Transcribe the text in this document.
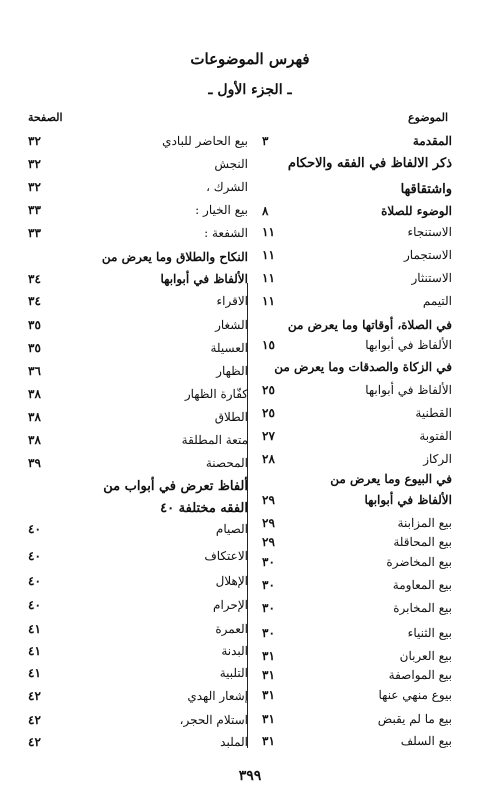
فهرس الموضوعات
ـ الجزء الأول ـ
الموضوع
الصفحة
المقدمة
٣
ذكر الالفاظ في الفقه والاحكام
واشتقاقها
الوضوء للصلاة
٨
الاستنجاء
١١
الاستجمار
١١
الاستنثار
١١
التيمم
١١
في الصلاة، أوقاتها وما يعرض من
الألفاظ في أبوابها
١٥
في الزكاة والصدقات وما يعرض من
الألفاظ في أبوابها
٢٥
القطنية
٢٥
الفتوبة
٢٧
الركاز
٢٨
في البيوع وما يعرض من
الألفاظ في أبوابها
٢٩
بيع المزابنة
٢٩
بيع المحاقلة
٢٩
بيع المخاضرة
٣٠
بيع المعاومة
٣٠
بيع المخابرة
٣٠
بيع الثنياء
٣٠
بيع العربان
٣١
بيع المواصفة
٣١
بيوع منهي عنها
٣١
بيع ما لم يقبض
٣١
بيع السلف
٣١
بيع الحاضر للبادي
٣٢
النجش
٣٢
الشرك ،
٣٢
بيع الخيار :
٣٣
الشفعة :
٣٣
النكاح والطلاق وما يعرض من
الألفاظ في أبوابها
٣٤
الاقراء
٣٤
الشغار
٣٥
العسيلة
٣٥
الظهار
٣٦
كفّارة الظهار
٣٨
الطلاق
٣٨
متعة المطلقة
٣٨
المحصنة
٣٩
ألفاظ تعرض في أبواب من
الفقه مختلفة ٤٠
الصيام
٤٠
الاعتكاف
٤٠
الإهلال
٤٠
الإحرام
٤٠
العمرة
٤١
البدنة
٤١
التلبية
٤١
إشعار الهدي
٤٢
استلام الحجر،
٤٢
الملبد
٤٢
٣٩٩
